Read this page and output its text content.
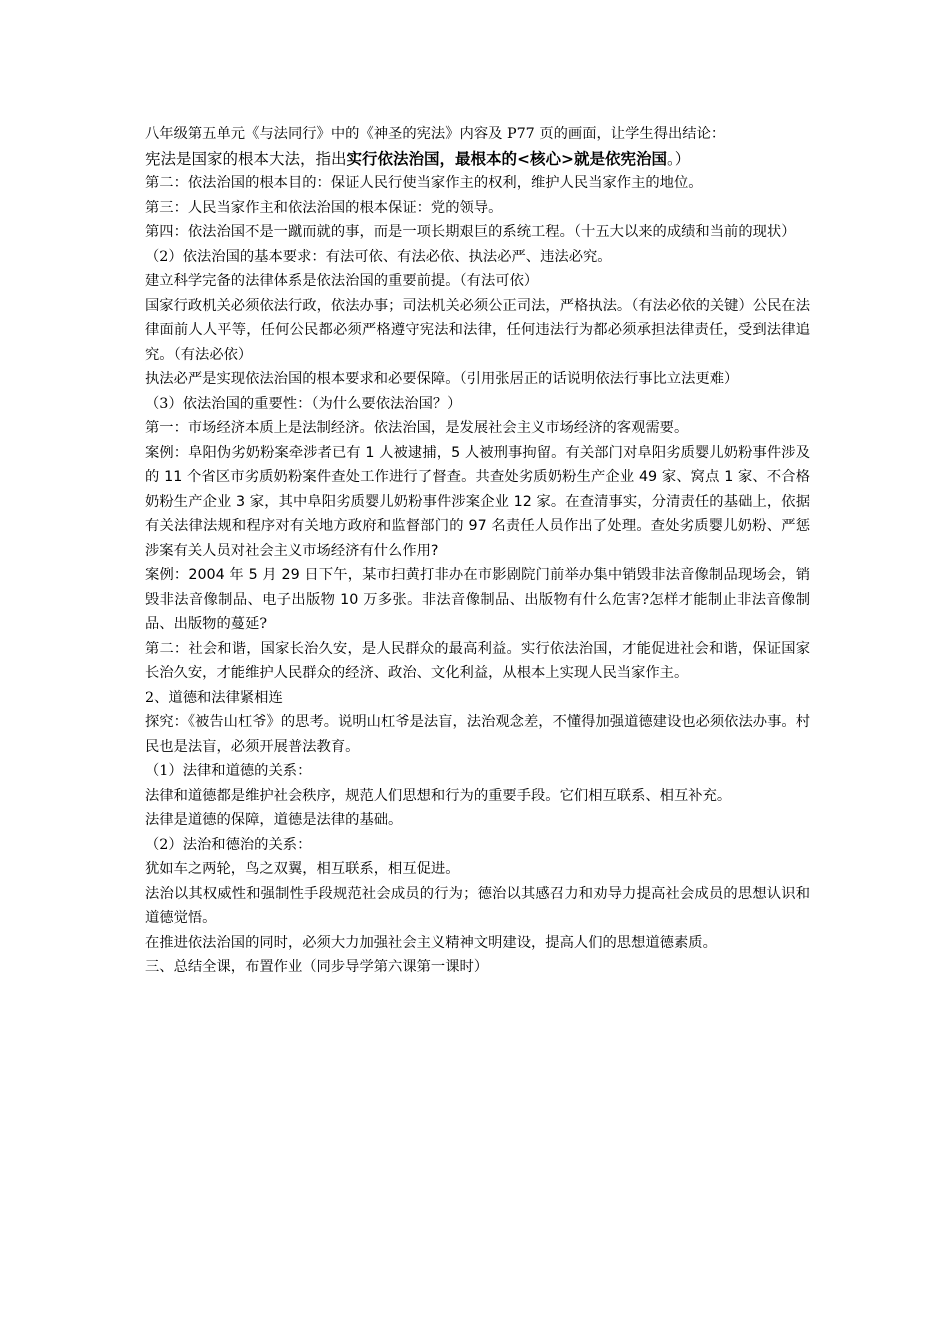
八年级第五单元《与法同行》中的《神圣的宪法》内容及 P77 页的画面，让学生得出结论：

宪法是国家的根本大法，指出实行依法治国，最根本的<核心>就是依宪治国。）

第二：依法治国的根本目的：保证人民行使当家作主的权利，维护人民当家作主的地位。

第三：人民当家作主和依法治国的根本保证：党的领导。

第四：依法治国不是一蹴而就的事，而是一项长期艰巨的系统工程。（十五大以来的成绩和当前的现状）

（2）依法治国的基本要求：有法可依、有法必依、执法必严、违法必究。

建立科学完备的法律体系是依法治国的重要前提。（有法可依）

国家行政机关必须依法行政，依法办事；司法机关必须公正司法，严格执法。（有法必依的关键）公民在法律面前人人平等，任何公民都必须严格遵守宪法和法律，任何违法行为都必须承担法律责任，受到法律追究。（有法必依）

执法必严是实现依法治国的根本要求和必要保障。（引用张居正的话说明依法行事比立法更难）

（3）依法治国的重要性：（为什么要依法治国？）

第一：市场经济本质上是法制经济。依法治国，是发展社会主义市场经济的客观需要。

案例：阜阳伪劣奶粉案牵涉者已有 1 人被逮捕，5 人被刑事拘留。有关部门对阜阳劣质婴儿奶粉事件涉及的 11 个省区市劣质奶粉案件查处工作进行了督查。共查处劣质奶粉生产企业 49 家、窝点 1 家、不合格奶粉生产企业 3 家，其中阜阳劣质婴儿奶粉事件涉案企业 12 家。在查清事实，分清责任的基础上，依据有关法律法规和程序对有关地方政府和监督部门的 97 名责任人员作出了处理。查处劣质婴儿奶粉、严惩涉案有关人员对社会主义市场经济有什么作用?

案例：2004 年 5 月 29 日下午，某市扫黄打非办在市影剧院门前举办集中销毁非法音像制品现场会，销毁非法音像制品、电子出版物 10 万多张。非法音像制品、出版物有什么危害?怎样才能制止非法音像制品、出版物的蔓延?

第二：社会和谐，国家长治久安，是人民群众的最高利益。实行依法治国，才能促进社会和谐，保证国家长治久安，才能维护人民群众的经济、政治、文化利益，从根本上实现人民当家作主。

2、道德和法律紧相连

探究：《被告山杠爷》的思考。说明山杠爷是法盲，法治观念差，不懂得加强道德建设也必须依法办事。村民也是法盲，必须开展普法教育。

（1）法律和道德的关系：

法律和道德都是维护社会秩序，规范人们思想和行为的重要手段。它们相互联系、相互补充。

法律是道德的保障，道德是法律的基础。

（2）法治和德治的关系：

犹如车之两轮，鸟之双翼，相互联系，相互促进。

法治以其权威性和强制性手段规范社会成员的行为；德治以其感召力和劝导力提高社会成员的思想认识和道德觉悟。

在推进依法治国的同时，必须大力加强社会主义精神文明建设，提高人们的思想道德素质。

三、总结全课，布置作业（同步导学第六课第一课时）
